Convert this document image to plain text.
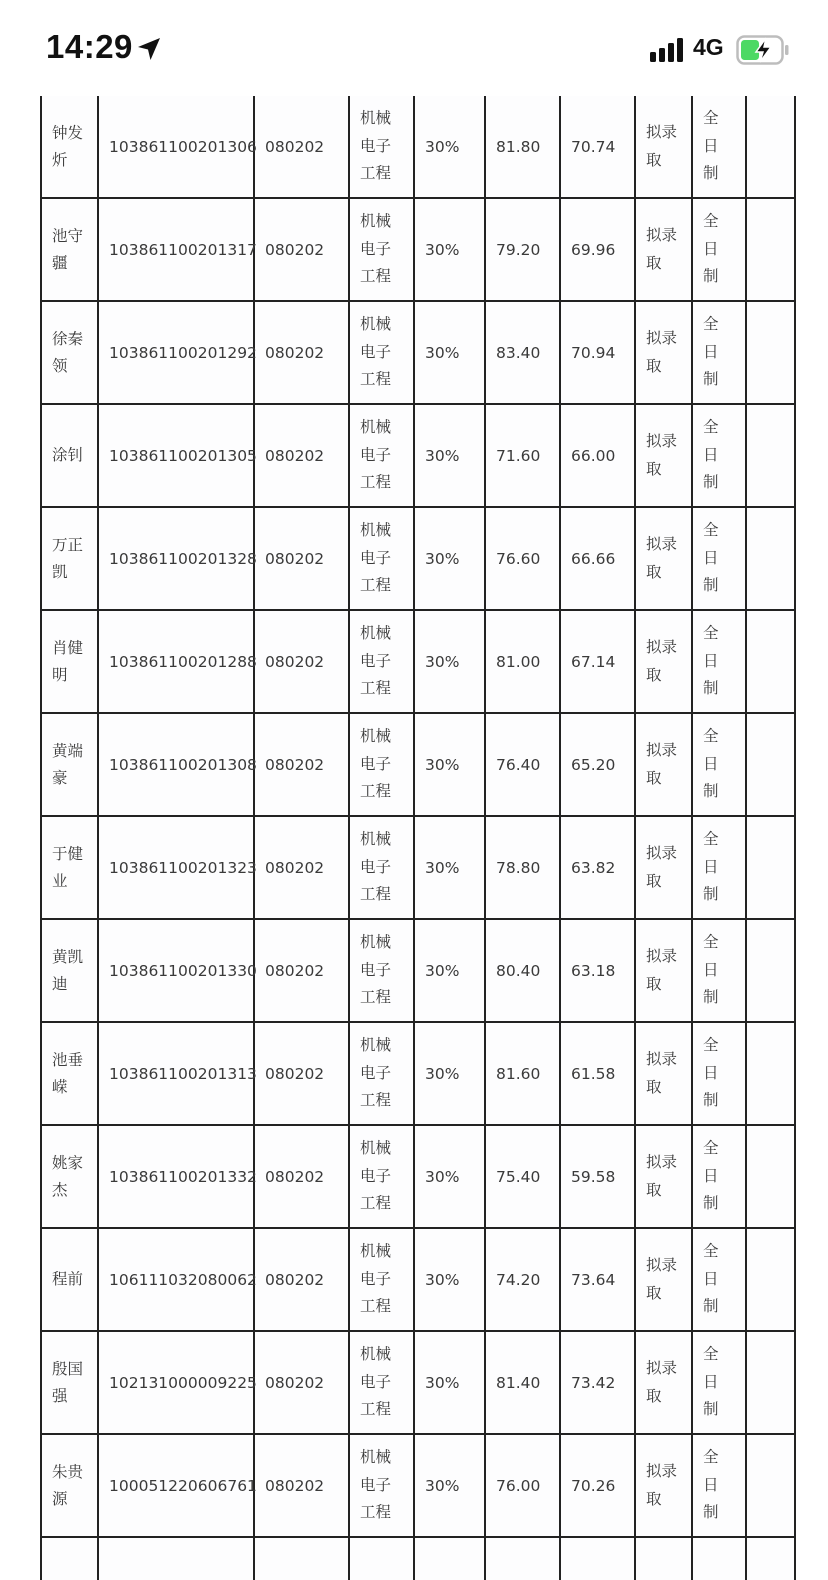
14:29	4G
钟发
炘	103861100201306	080202	机械
电子
工程	30%	81.80	70.74	拟录
取	全
日
制	

池守
疆	103861100201317	080202	机械
电子
工程	30%	79.20	69.96	拟录
取	全
日
制	

徐秦
领	103861100201292	080202	机械
电子
工程	30%	83.40	70.94	拟录
取	全
日
制	

涂钊	103861100201305	080202	机械
电子
工程	30%	71.60	66.00	拟录
取	全
日
制	

万正
凯	103861100201328	080202	机械
电子
工程	30%	76.60	66.66	拟录
取	全
日
制	

肖健
明	103861100201288	080202	机械
电子
工程	30%	81.00	67.14	拟录
取	全
日
制	

黄端
豪	103861100201308	080202	机械
电子
工程	30%	76.40	65.20	拟录
取	全
日
制	

于健
业	103861100201323	080202	机械
电子
工程	30%	78.80	63.82	拟录
取	全
日
制	

黄凯
迪	103861100201330	080202	机械
电子
工程	30%	80.40	63.18	拟录
取	全
日
制	

池垂
嵘	103861100201313	080202	机械
电子
工程	30%	81.60	61.58	拟录
取	全
日
制	

姚家
杰	103861100201332	080202	机械
电子
工程	30%	75.40	59.58	拟录
取	全
日
制	

程前	106111032080062	080202	机械
电子
工程	30%	74.20	73.64	拟录
取	全
日
制	

殷国
强	102131000009225	080202	机械
电子
工程	30%	81.40	73.42	拟录
取	全
日
制	

朱贵
源	100051220606761	080202	机械
电子
工程	30%	76.00	70.26	拟录
取	全
日
制	
